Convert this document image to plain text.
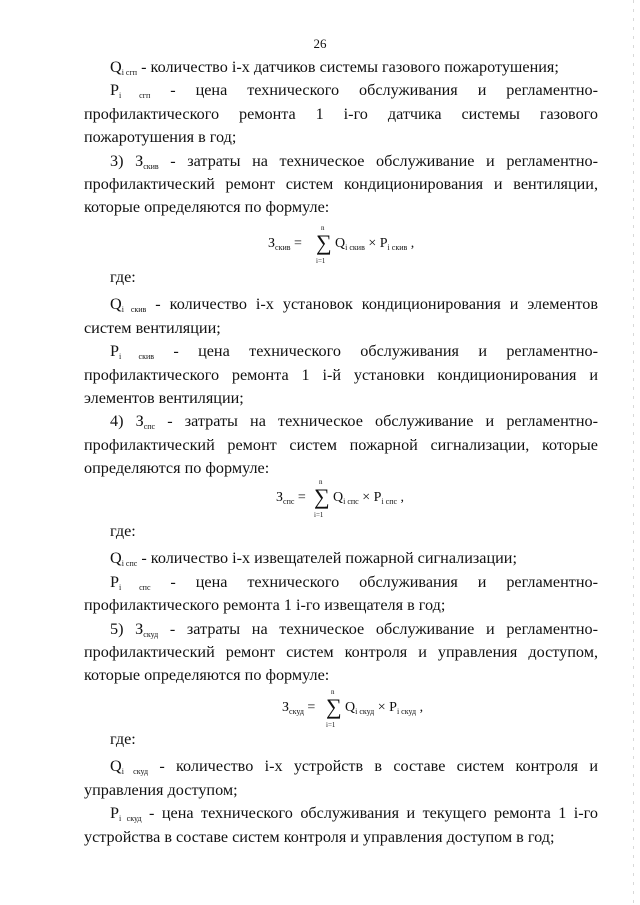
26

$Q_{i сгп}$ - количество i-х датчиков системы газового пожаротушения;

$P_{i сгп}$ - цена технического обслуживания и регламентно-профилактического ремонта 1 i-го датчика системы газового пожаротушения в год;

3) $З_{скив}$ - затраты на техническое обслуживание и регламентно-профилактический ремонт систем кондиционирования и вентиляции, которые определяются по формуле:

$З_{скив}$ =
n
∑
i=1
$Q_{i скив} \times P_{i скив}$ ,

где:

$Q_{i скив}$ - количество i-х установок кондиционирования и элементов систем вентиляции;

$P_{i скив}$ - цена технического обслуживания и регламентно-профилактического ремонта 1 i-й установки кондиционирования и элементов вентиляции;

4) $З_{спс}$ - затраты на техническое обслуживание и регламентно-профилактический ремонт систем пожарной сигнализации, которые определяются по формуле:

$З_{спс}$ =
n
∑
i=1
$Q_{i спс} \times P_{i спс}$ ,

где:

$Q_{i спс}$ - количество i-х извещателей пожарной сигнализации;

$P_{i спс}$ - цена технического обслуживания и регламентно-профилактического ремонта 1 i-го извещателя в год;

5) $З_{скуд}$ - затраты на техническое обслуживание и регламентно-профилактический ремонт систем контроля и управления доступом, которые определяются по формуле:

$З_{скуд}$ =
n
∑
i=1
$Q_{i скуд} \times P_{i скуд}$ ,

где:

$Q_{i скуд}$ - количество i-х устройств в составе систем контроля и управления доступом;

$P_{i скуд}$ - цена технического обслуживания и текущего ремонта 1 i-го устройства в составе систем контроля и управления доступом в год;
